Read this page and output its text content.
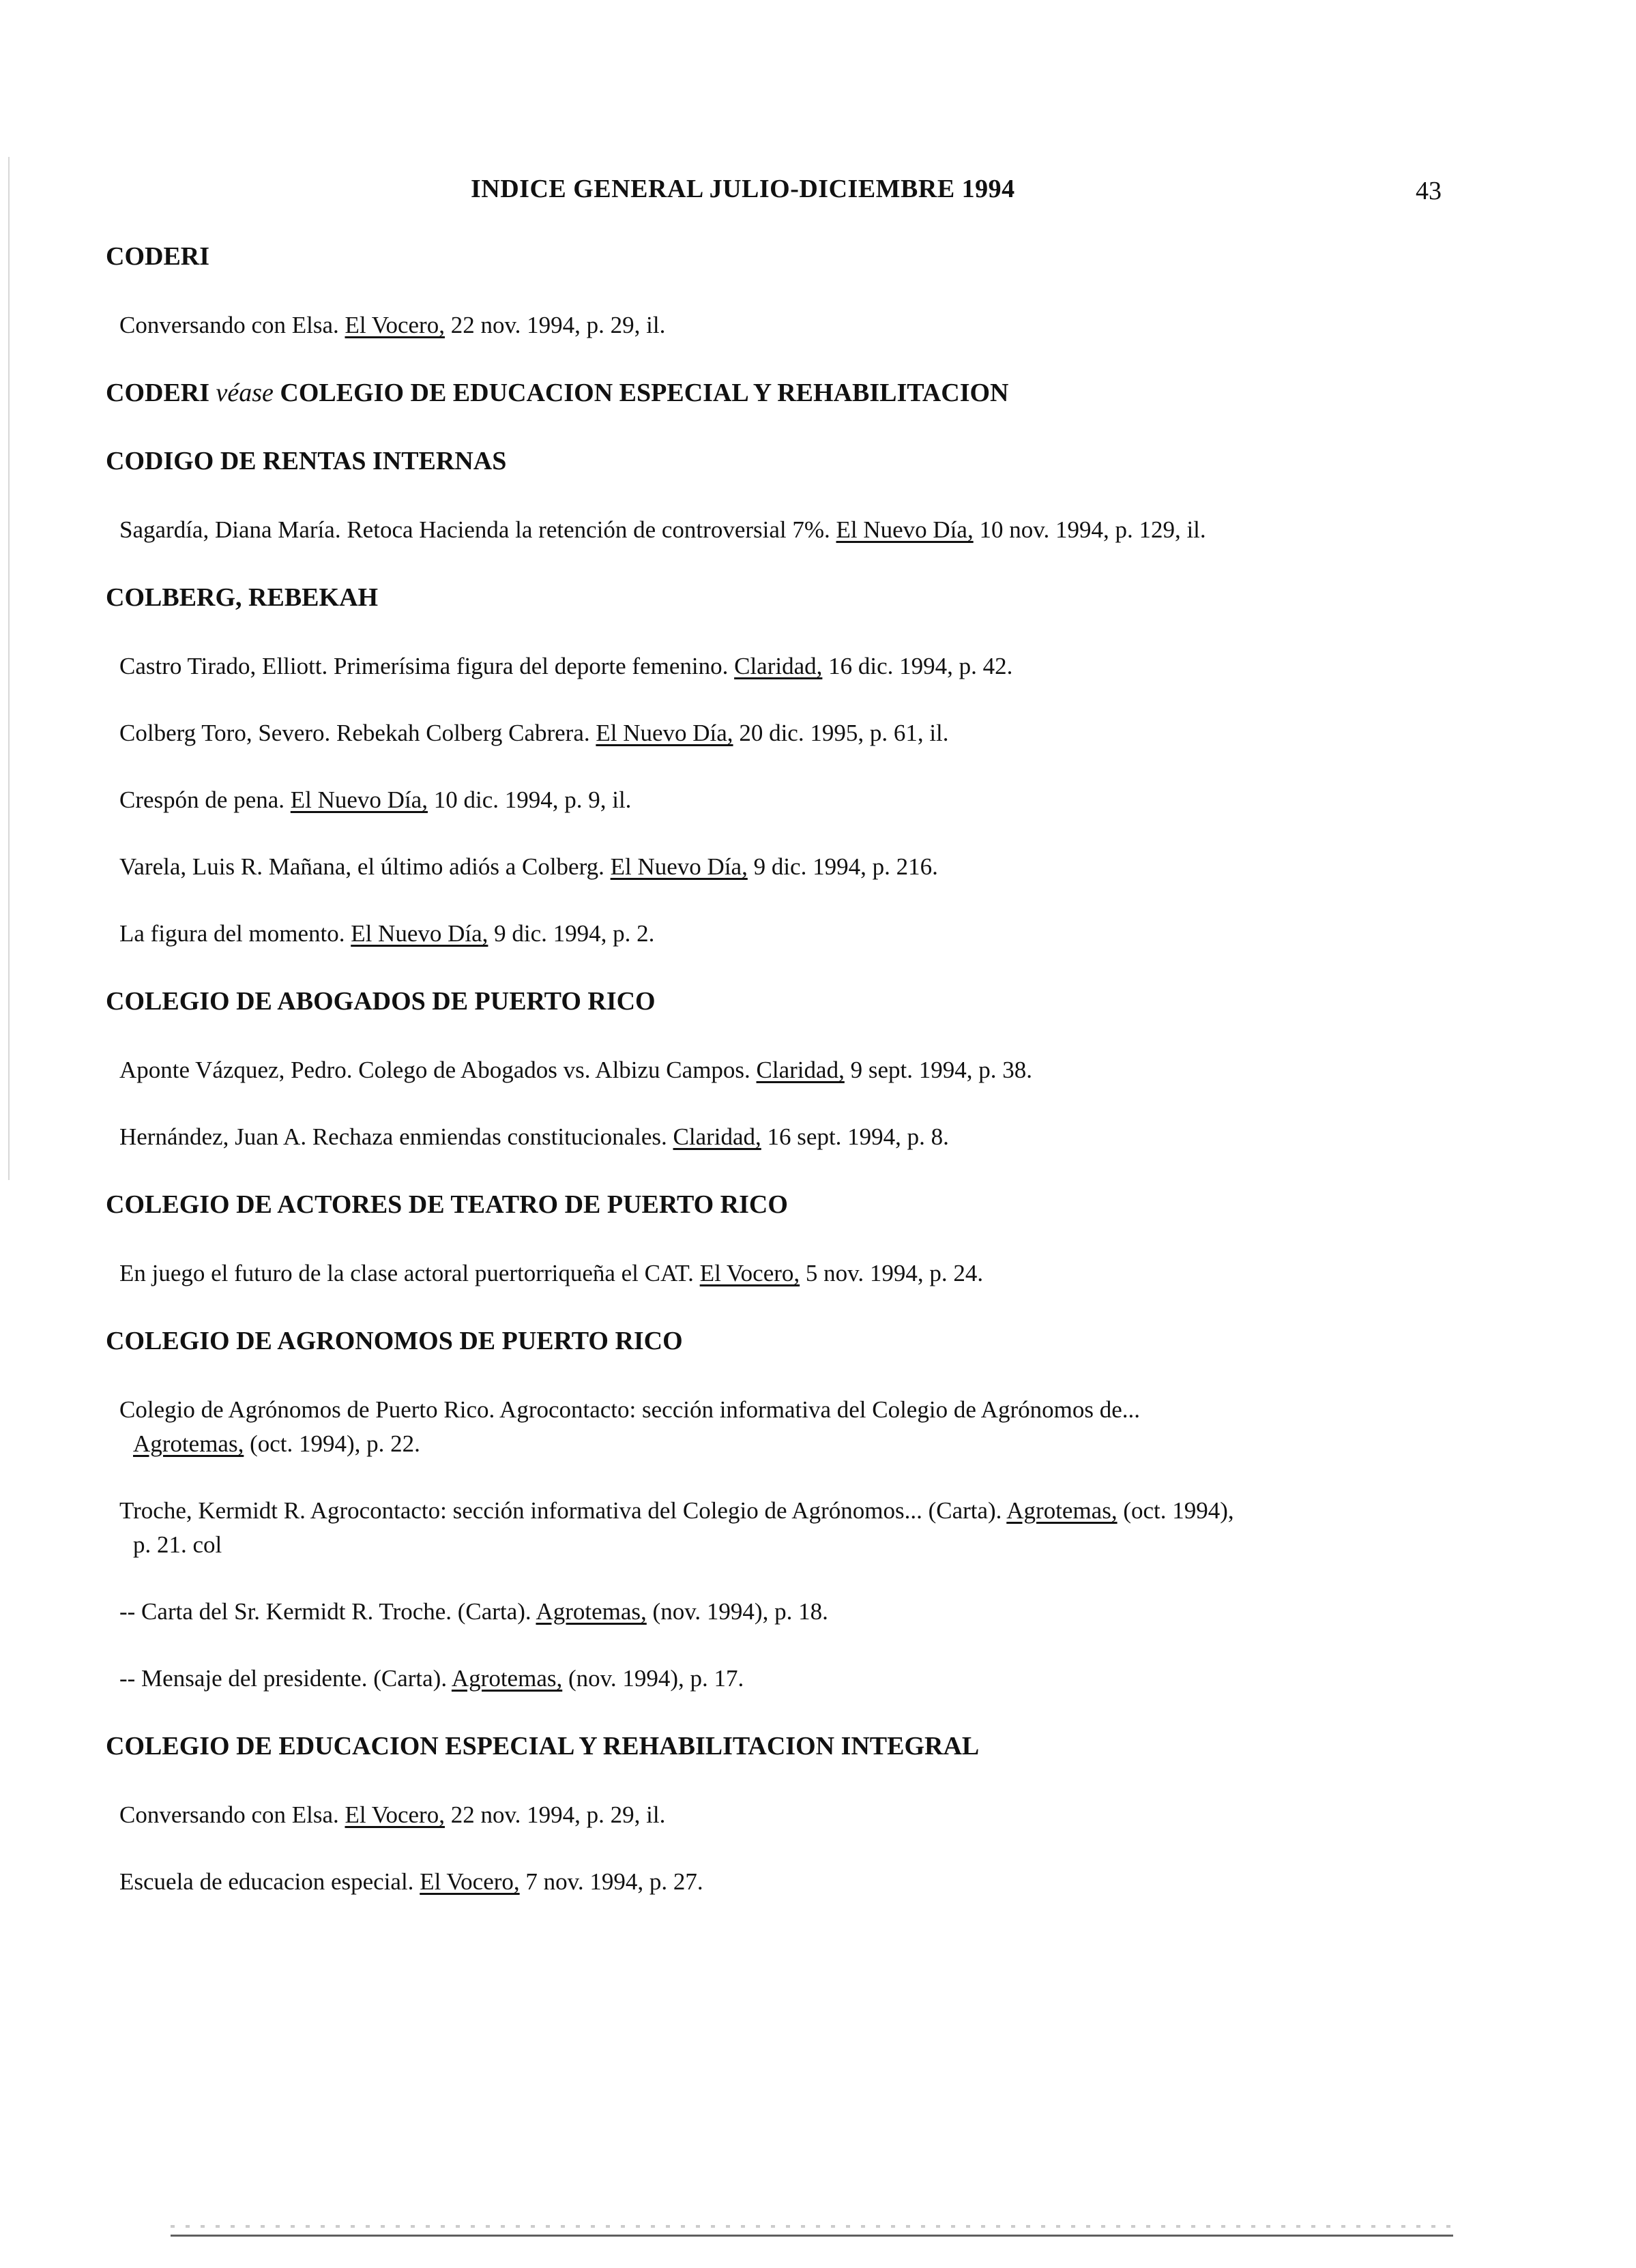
INDICE GENERAL JULIO-DICIEMBRE 1994	43
CODERI
Conversando con Elsa. El Vocero, 22 nov. 1994, p. 29, il.
CODERI véase COLEGIO DE EDUCACION ESPECIAL Y REHABILITACION
CODIGO DE RENTAS INTERNAS
Sagardía, Diana María. Retoca Hacienda la retención de controversial 7%. El Nuevo Día, 10 nov. 1994, p. 129, il.
COLBERG, REBEKAH
Castro Tirado, Elliott. Primerísima figura del deporte femenino. Claridad, 16 dic. 1994, p. 42.
Colberg Toro, Severo. Rebekah Colberg Cabrera. El Nuevo Día, 20 dic. 1995, p. 61, il.
Crespón de pena. El Nuevo Día, 10 dic. 1994, p. 9, il.
Varela, Luis R. Mañana, el último adiós a Colberg. El Nuevo Día, 9 dic. 1994, p. 216.
La figura del momento. El Nuevo Día, 9 dic. 1994, p. 2.
COLEGIO DE ABOGADOS DE PUERTO RICO
Aponte Vázquez, Pedro. Colego de Abogados vs. Albizu Campos. Claridad, 9 sept. 1994, p. 38.
Hernández, Juan A. Rechaza enmiendas constitucionales. Claridad, 16 sept. 1994, p. 8.
COLEGIO DE ACTORES DE TEATRO DE PUERTO RICO
En juego el futuro de la clase actoral puertorriqueña el CAT. El Vocero, 5 nov. 1994, p. 24.
COLEGIO DE AGRONOMOS DE PUERTO RICO
Colegio de Agrónomos de Puerto Rico. Agrocontacto: sección informativa del Colegio de Agrónomos de...
Agrotemas, (oct. 1994), p. 22.
Troche, Kermidt R. Agrocontacto: sección informativa del Colegio de Agrónomos... (Carta). Agrotemas, (oct. 1994),
p. 21. col
-- Carta del Sr. Kermidt R. Troche. (Carta). Agrotemas, (nov. 1994), p. 18.
-- Mensaje del presidente. (Carta). Agrotemas, (nov. 1994), p. 17.
COLEGIO DE EDUCACION ESPECIAL Y REHABILITACION INTEGRAL
Conversando con Elsa. El Vocero, 22 nov. 1994, p. 29, il.
Escuela de educacion especial. El Vocero, 7 nov. 1994, p. 27.
